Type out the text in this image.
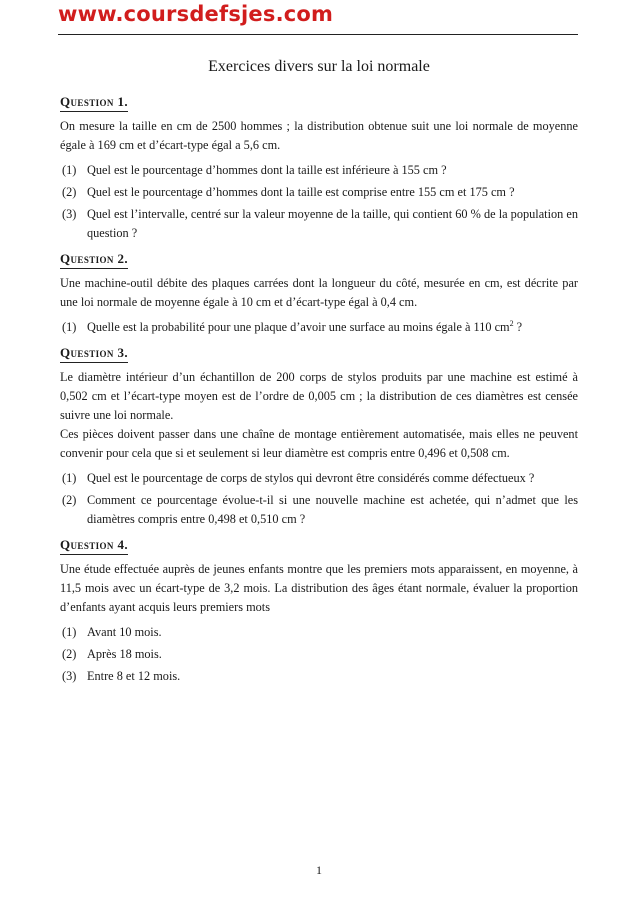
www.coursdefsjes.com
Exercices divers sur la loi normale
Question 1.

On mesure la taille en cm de 2500 hommes ; la distribution obtenue suit une loi normale de moyenne égale à 169 cm et d’écart-type égal a 5,6 cm.

(1) Quel est le pourcentage d’hommes dont la taille est inférieure à 155 cm ?
(2) Quel est le pourcentage d’hommes dont la taille est comprise entre 155 cm et 175 cm ?
(3) Quel est l’intervalle, centré sur la valeur moyenne de la taille, qui contient 60 % de la population en question ?
Question 2.

Une machine-outil débite des plaques carrées dont la longueur du côté, mesurée en cm, est décrite par une loi normale de moyenne égale à 10 cm et d’écart-type égal à 0,4 cm.

(1) Quelle est la probabilité pour une plaque d’avoir une surface au moins égale à 110 $cm^2$ ?
Question 3.

Le diamètre intérieur d’un échantillon de 200 corps de stylos produits par une machine est estimé à 0,502 cm et l’écart-type moyen est de l’ordre de 0,005 cm ; la distribution de ces diamètres est censée suivre une loi normale.

Ces pièces doivent passer dans une chaîne de montage entièrement automatisée, mais elles ne peuvent convenir pour cela que si et seulement si leur diamètre est compris entre 0,496 et 0,508 cm.

(1) Quel est le pourcentage de corps de stylos qui devront être considérés comme défectueux ?
(2) Comment ce pourcentage évolue-t-il si une nouvelle machine est achetée, qui n’admet que les diamètres compris entre 0,498 et 0,510 cm ?
Question 4.

Une étude effectuée auprès de jeunes enfants montre que les premiers mots apparaissent, en moyenne, à 11,5 mois avec un écart-type de 3,2 mois. La distribution des âges étant normale, évaluer la proportion d’enfants ayant acquis leurs premiers mots

(1) Avant 10 mois.
(2) Après 18 mois.
(3) Entre 8 et 12 mois.
1
